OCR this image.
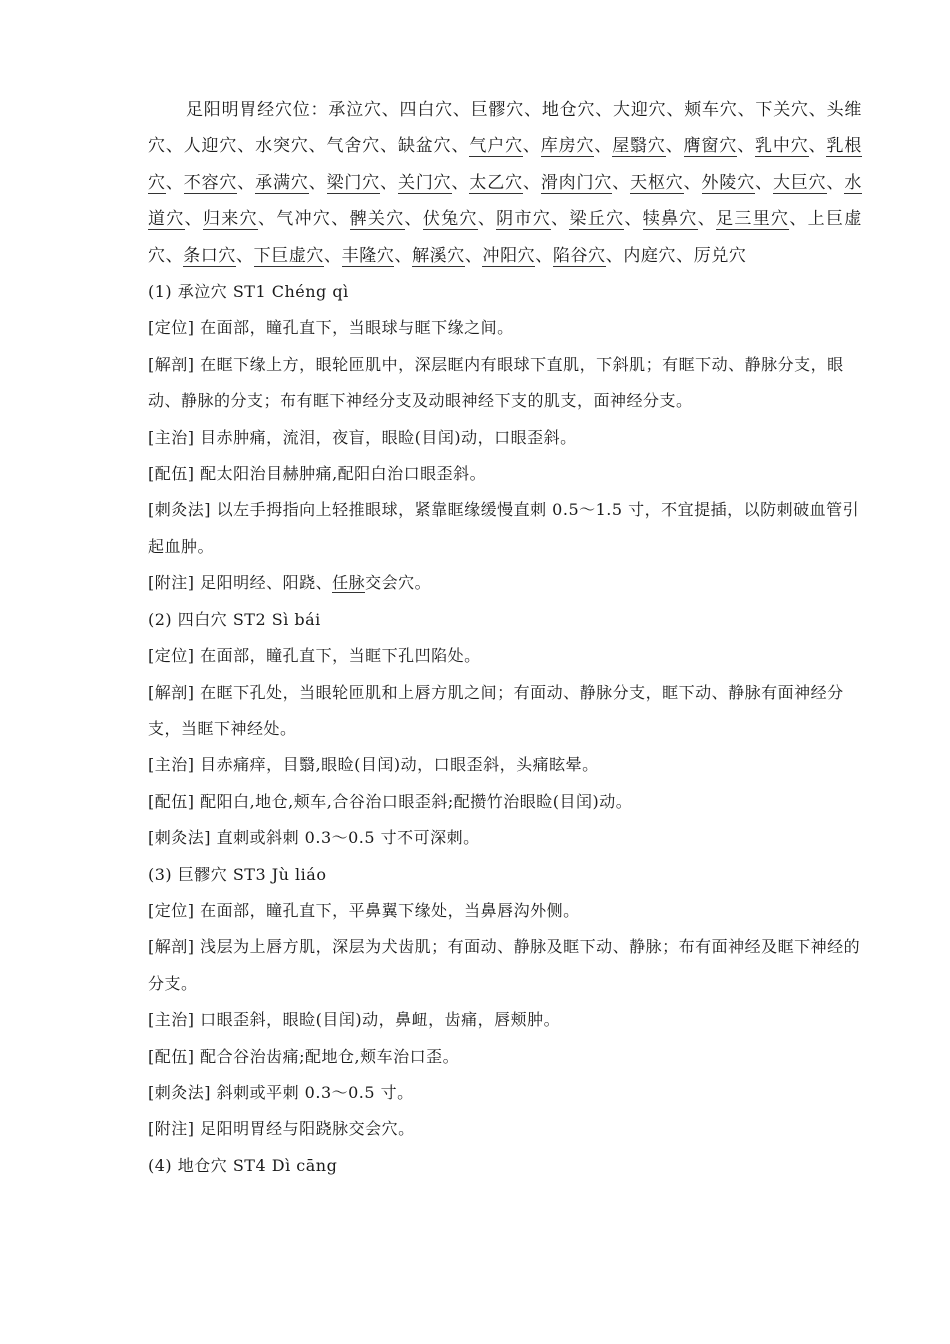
足阳明胃经穴位：承泣穴、四白穴、巨髎穴、地仓穴、大迎穴、颊车穴、下关穴、头维穴、人迎穴、水突穴、气舍穴、缺盆穴、气户穴、库房穴、屋翳穴、膺窗穴、乳中穴、乳根穴、不容穴、承满穴、梁门穴、关门穴、太乙穴、滑肉门穴、天枢穴、外陵穴、大巨穴、水道穴、归来穴、气冲穴、髀关穴、伏兔穴、阴市穴、梁丘穴、犊鼻穴、足三里穴、上巨虚穴、条口穴、下巨虚穴、丰隆穴、解溪穴、冲阳穴、陷谷穴、内庭穴、厉兑穴

(1) 承泣穴 ST1 Chéng qì

[定位] 在面部，瞳孔直下，当眼球与眶下缘之间。

[解剖] 在眶下缘上方，眼轮匝肌中，深层眶内有眼球下直肌，下斜肌；有眶下动、静脉分支，眼动、静脉的分支；布有眶下神经分支及动眼神经下支的肌支，面神经分支。

[主治] 目赤肿痛，流泪，夜盲，眼睑(目闰)动，口眼歪斜。

[配伍] 配太阳治目赫肿痛,配阳白治口眼歪斜。

[刺灸法] 以左手拇指向上轻推眼球，紧靠眶缘缓慢直刺 0.5～1.5 寸，不宜提插，以防刺破血管引起血肿。

[附注] 足阳明经、阳跷、任脉交会穴。

(2) 四白穴 ST2 Sì bái

[定位] 在面部，瞳孔直下，当眶下孔凹陷处。

[解剖] 在眶下孔处，当眼轮匝肌和上唇方肌之间；有面动、静脉分支，眶下动、静脉有面神经分支，当眶下神经处。

[主治] 目赤痛痒，目翳,眼睑(目闰)动，口眼歪斜，头痛眩晕。

[配伍] 配阳白,地仓,颊车,合谷治口眼歪斜;配攒竹治眼睑(目闰)动。

[刺灸法] 直刺或斜刺 0.3～0.5 寸不可深刺。

(3) 巨髎穴 ST3 Jù liáo

[定位] 在面部，瞳孔直下，平鼻翼下缘处，当鼻唇沟外侧。

[解剖] 浅层为上唇方肌，深层为犬齿肌；有面动、静脉及眶下动、静脉；布有面神经及眶下神经的分支。

[主治] 口眼歪斜，眼睑(目闰)动，鼻衄，齿痛，唇颊肿。

[配伍] 配合谷治齿痛;配地仓,颊车治口歪。

[刺灸法] 斜刺或平刺 0.3～0.5 寸。

[附注] 足阳明胃经与阳跷脉交会穴。

(4) 地仓穴 ST4 Dì cāng
